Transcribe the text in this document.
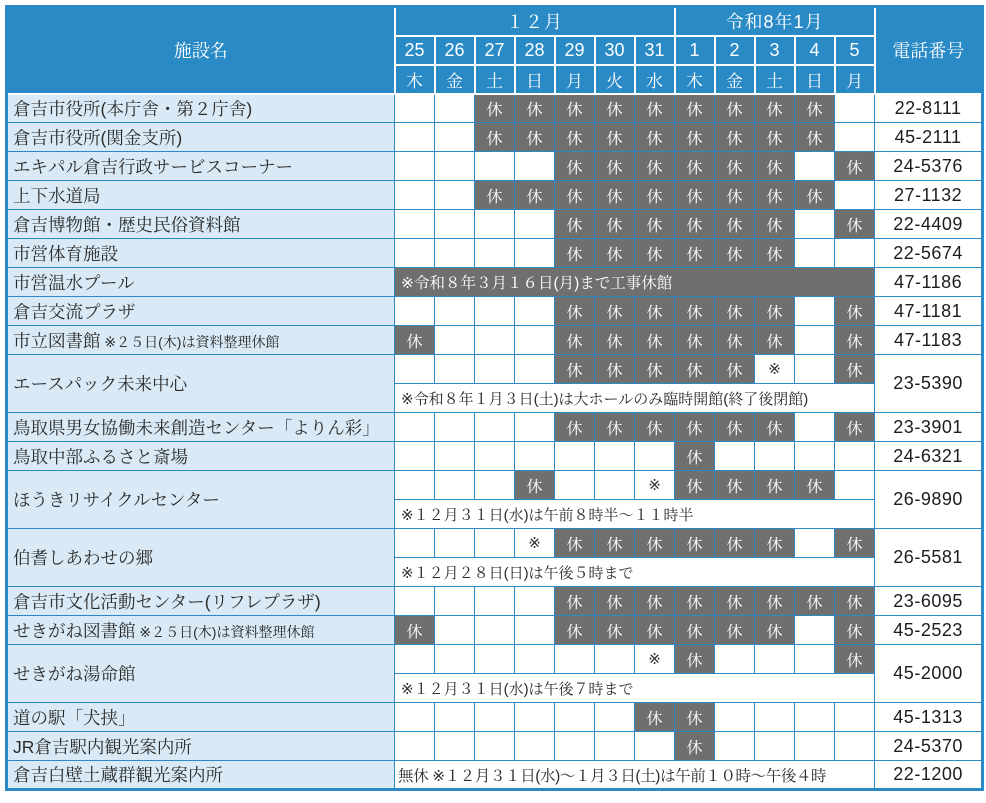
施設名	１２月							令和8年1月					電話番号
	25	26	27	28	29	30	31	1	2	3	4	5	
	木	金	土	日	月	火	水	木	金	土	日	月	
倉吉市役所(本庁舎・第２庁舎)			休	休	休	休	休	休	休	休	休		22-8111
倉吉市役所(関金支所)			休	休	休	休	休	休	休	休	休		45-2111
エキパル倉吉行政サービスコーナー					休	休	休	休	休	休		休	24-5376
上下水道局			休	休	休	休	休	休	休	休	休		27-1132
倉吉博物館・歴史民俗資料館					休	休	休	休	休	休		休	22-4409
市営体育施設					休	休	休	休	休	休			22-5674
市営温水プール	※令和８年３月１６日(月)まで工事休館												47-1186
倉吉交流プラザ					休	休	休	休	休	休		休	47-1181
市立図書館 ※２５日(木)は資料整理休館	休				休	休	休	休	休	休		休	47-1183
エースパック未来中心					休	休	休	休	休	※		休	23-5390
	※令和８年１月３日(土)は大ホールのみ臨時開館(終了後閉館)												
鳥取県男女協働未来創造センター「よりん彩」					休	休	休	休	休	休		休	23-3901
鳥取中部ふるさと斎場								休					24-6321
ほうきリサイクルセンター				休			※	休	休	休	休		26-9890
	※１２月３１日(水)は午前８時半～１１時半												
伯耆しあわせの郷				※	休	休	休	休	休	休		休	26-5581
	※１２月２８日(日)は午後５時まで												
倉吉市文化活動センター(リフレプラザ)					休	休	休	休	休	休	休	休	23-6095
せきがね図書館 ※２５日(木)は資料整理休館	休				休	休	休	休	休	休		休	45-2523
せきがね湯命館							※	休				休	45-2000
	※１２月３１日(水)は午後７時まで												
道の駅「犬挟」							休	休					45-1313
JR倉吉駅内観光案内所								休					24-5370
倉吉白壁土蔵群観光案内所	無休 ※１２月３１日(水)～１月３日(土)は午前１０時～午後４時												22-1200
